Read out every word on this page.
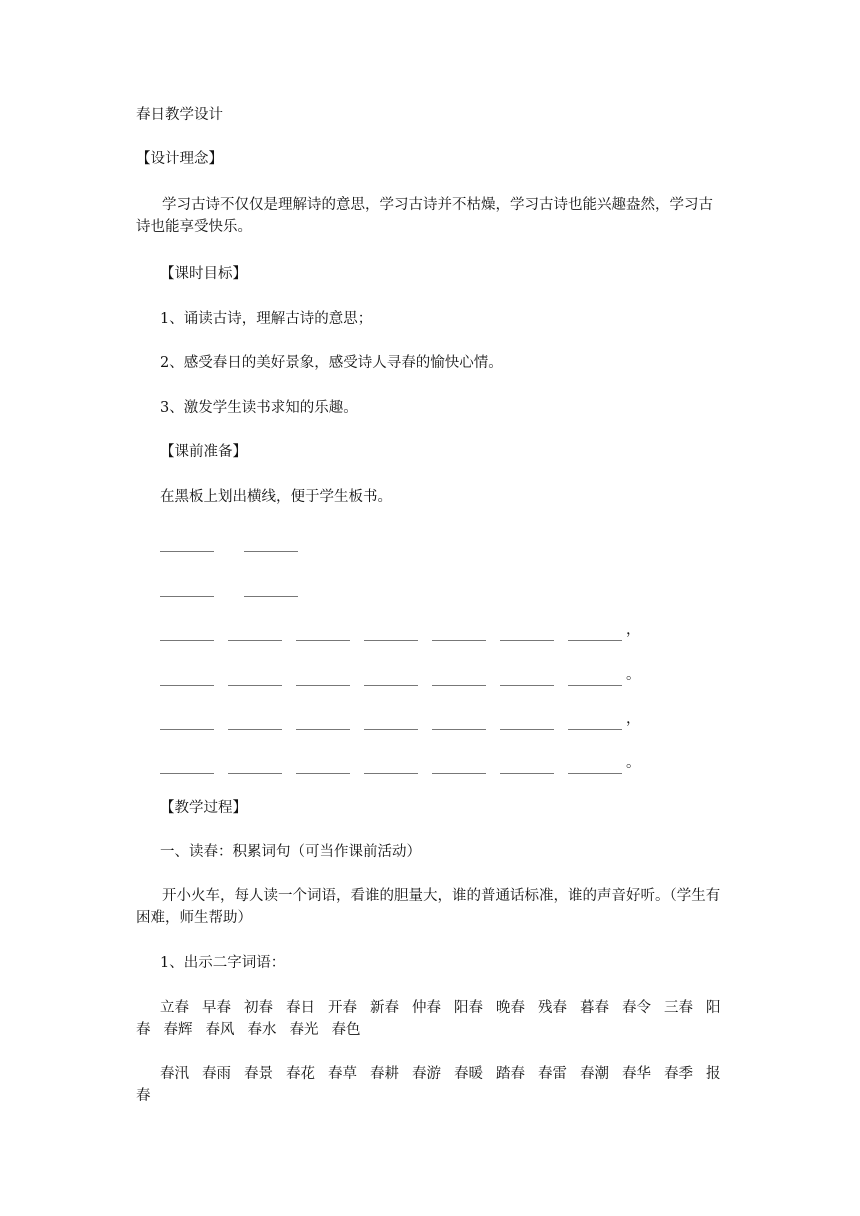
春日教学设计
【设计理念】
学习古诗不仅仅是理解诗的意思，学习古诗并不枯燥，学习古诗也能兴趣盎然，学习古诗也能享受快乐。
【课时目标】
1、诵读古诗，理解古诗的意思；
2、感受春日的美好景象，感受诗人寻春的愉快心情。
3、激发学生读书求知的乐趣。
【课前准备】
在黑板上划出横线，便于学生板书。
，
。
，
。
【教学过程】
一、读春：积累词句（可当作课前活动）
开小火车，每人读一个词语，看谁的胆量大，谁的普通话标准，谁的声音好听。（学生有困难，师生帮助）
1、出示二字词语：
立春 早春 初春 春日 开春 新春 仲春 阳春 晚春 残春 暮春 春令 三春 阳春 春辉 春风 春水 春光 春色
春汛 春雨 春景 春花 春草 春耕 春游 春暖 踏春 春雷 春潮 春华 春季 报春
